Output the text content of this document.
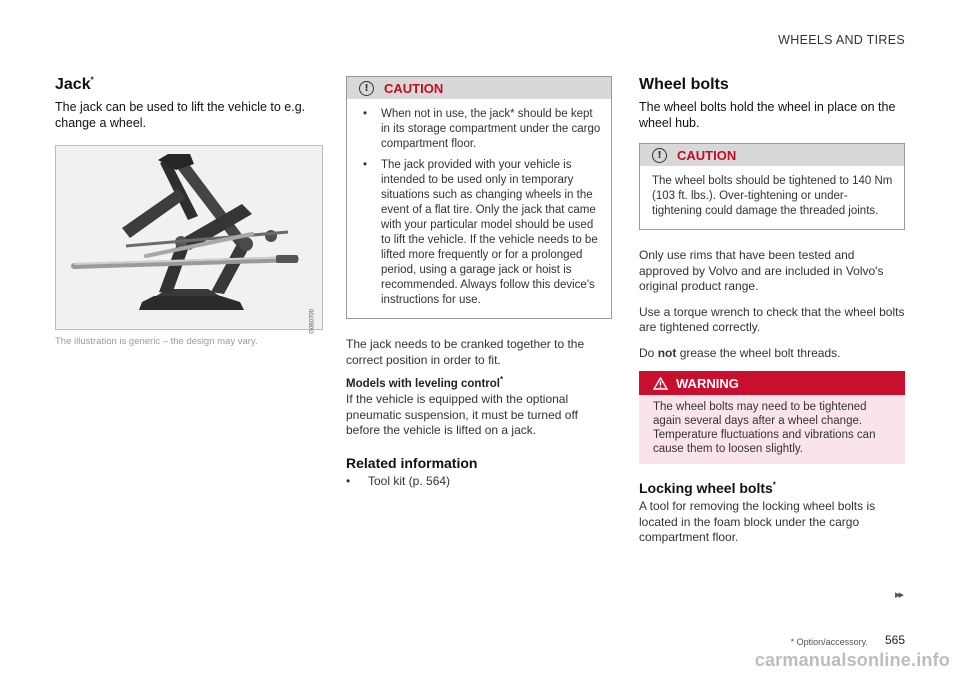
WHEELS AND TIRES
Jack*

The jack can be used to lift the vehicle to e.g. change a wheel.

G060700
The illustration is generic – the design may vary.
!	CAUTION
• When not in use, the jack* should be kept in its storage compartment under the cargo compartment floor.
• The jack provided with your vehicle is intended to be used only in temporary situations such as changing wheels in the event of a flat tire. Only the jack that came with your particular model should be used to lift the vehicle. If the vehicle needs to be lifted more frequently or for a prolonged period, using a garage jack or hoist is recommended. Always follow this device's instructions for use.

The jack needs to be cranked together to the correct position in order to fit.

Models with leveling control*

If the vehicle is equipped with the optional pneumatic suspension, it must be turned off before the vehicle is lifted on a jack.

Related information
• Tool kit (p. 564)
Wheel bolts

The wheel bolts hold the wheel in place on the wheel hub.

!	CAUTION

The wheel bolts should be tightened to 140 Nm (103 ft. lbs.). Over-tightening or under-tightening could damage the threaded joints.

Only use rims that have been tested and approved by Volvo and are included in Volvo's original product range.

Use a torque wrench to check that the wheel bolts are tightened correctly.

Do not grease the wheel bolt threads.

WARNING
The wheel bolts may need to be tightened again several days after a wheel change. Temperature fluctuations and vibrations can cause them to loosen slightly.
Locking wheel bolts*

A tool for removing the locking wheel bolts is located in the foam block under the cargo compartment floor.

▸▸
* Option/accessory. 565
carmanualsonline.info
